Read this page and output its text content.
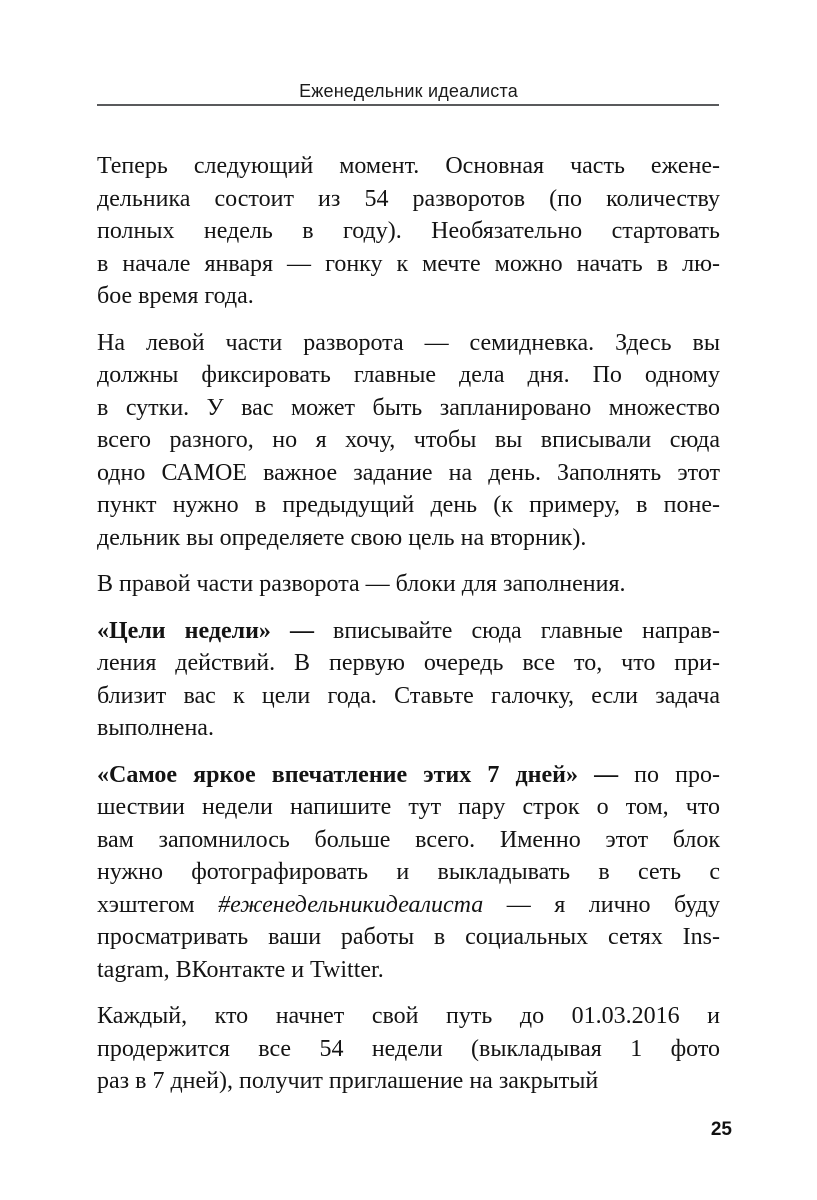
Еженедельник идеалиста
Теперь следующий момент. Основная часть ежене-
дельника состоит из 54 разворотов (по количеству
полных недель в году). Необязательно стартовать
в начале января — гонку к мечте можно начать в лю-
бое время года.
На левой части разворота — семидневка. Здесь вы
должны фиксировать главные дела дня. По одному
в сутки. У вас может быть запланировано множество
всего разного, но я хочу, чтобы вы вписывали сюда
одно САМОЕ важное задание на день. Заполнять этот
пункт нужно в предыдущий день (к примеру, в поне-
дельник вы определяете свою цель на вторник).
В правой части разворота — блоки для заполнения.
«Цели недели» — вписывайте сюда главные направ-
ления действий. В первую очередь все то, что при-
близит вас к цели года. Ставьте галочку, если задача
выполнена.
«Самое яркое впечатление этих 7 дней» — по про-
шествии недели напишите тут пару строк о том, что
вам запомнилось больше всего. Именно этот блок
нужно фотографировать и выкладывать в сеть с
хэштегом #еженедельникидеалиста — я лично буду
просматривать ваши работы в социальных сетях Ins-
tagram, ВКонтакте и Twitter.
Каждый, кто начнет свой путь до 01.03.2016 и
продержится все 54 недели (выкладывая 1 фото
раз в 7 дней), получит приглашение на закрытый
25
